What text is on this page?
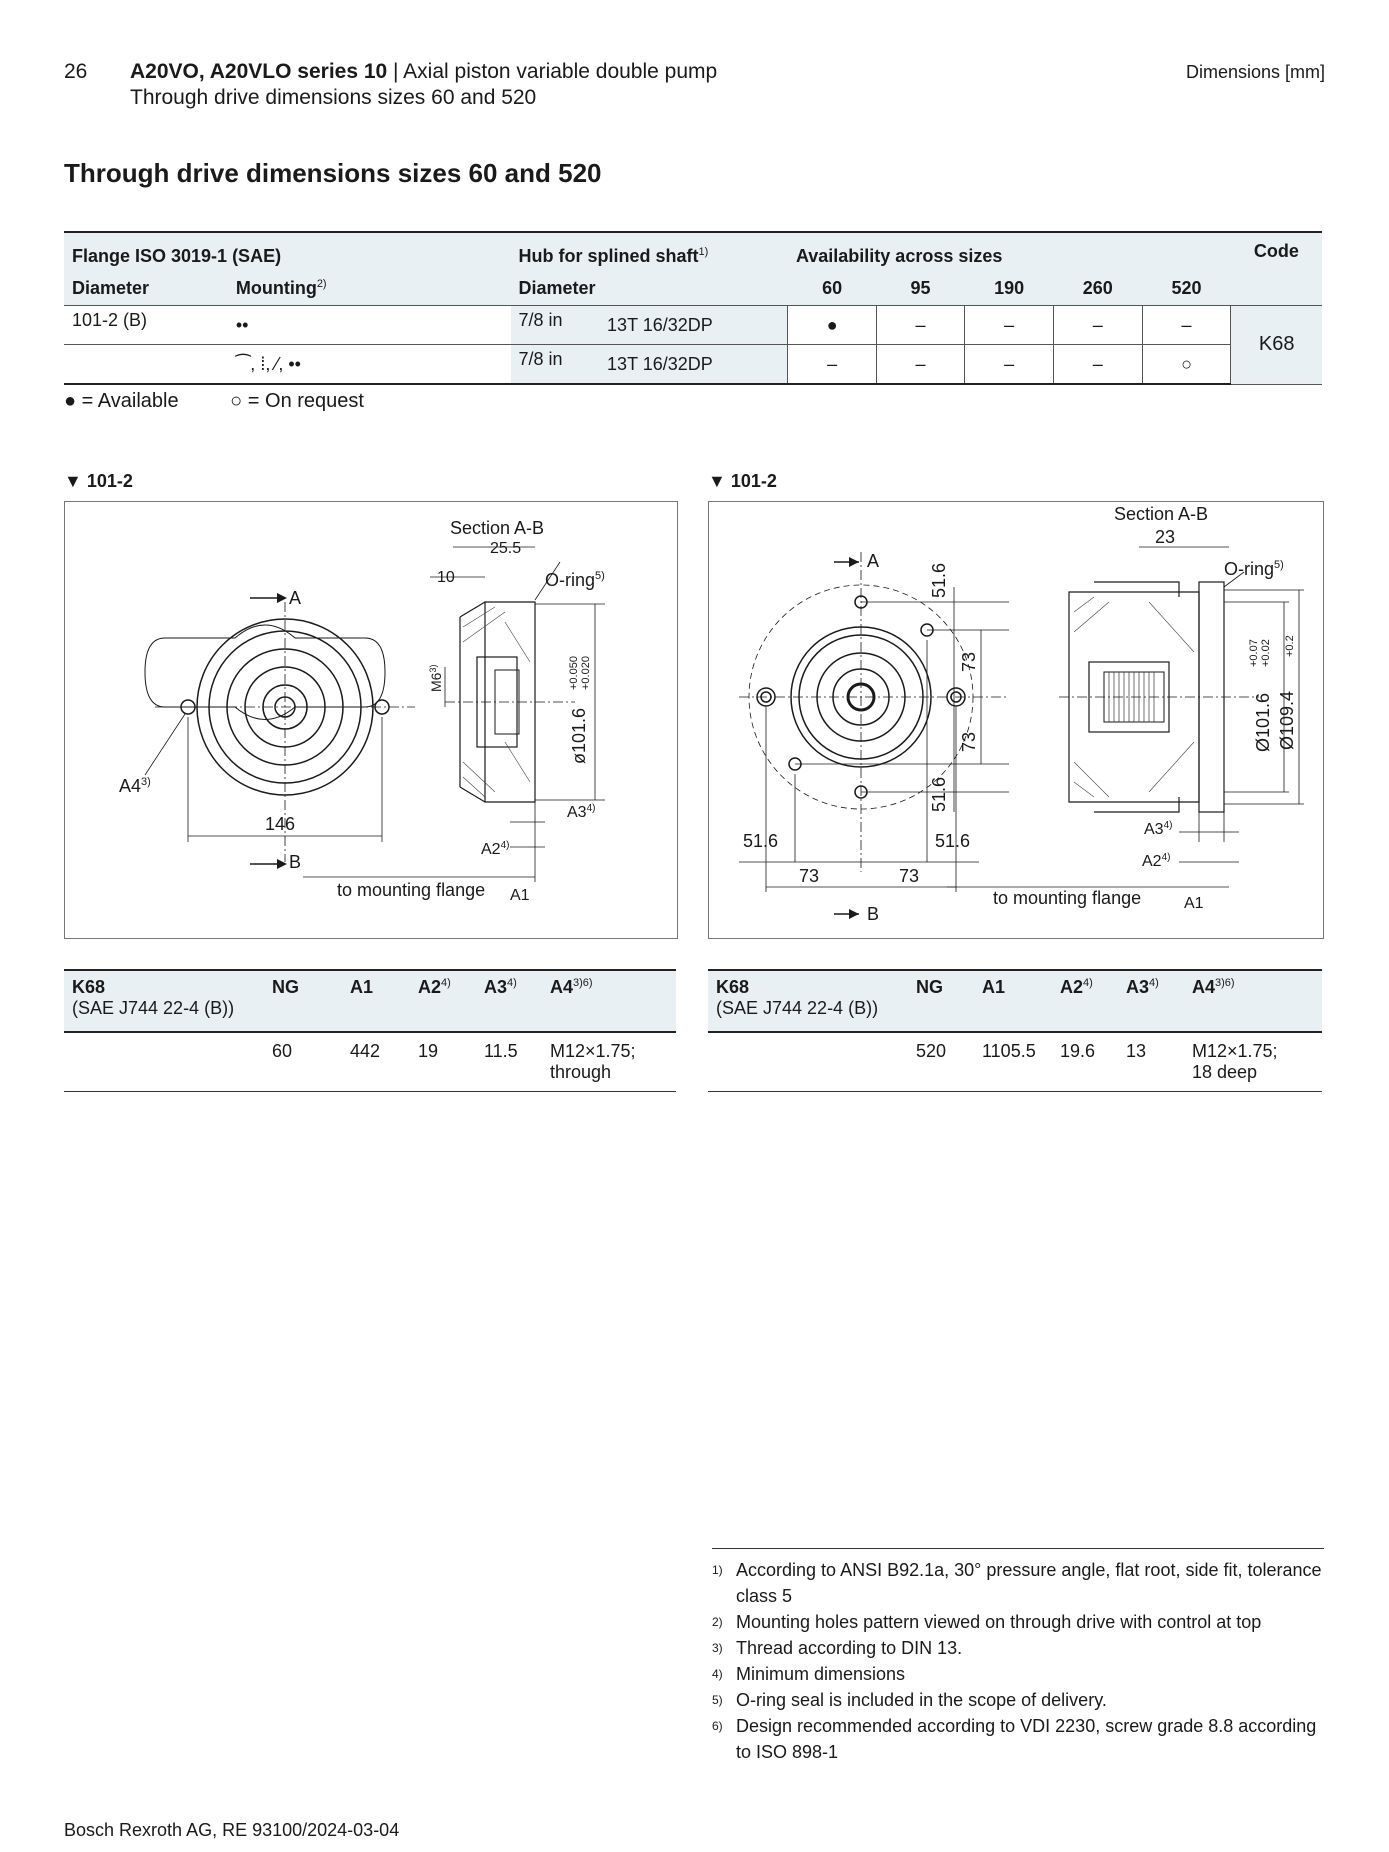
26 A20VO, A20VLO series 10 | Axial piston variable double pump
Through drive dimensions sizes 60 and 520
Dimensions [mm]
Through drive dimensions sizes 60 and 520
Flange ISO 3019-1 (SAE)		Hub for splined shaft$^{1)}$		Availability across sizes					Code
Diameter	Mounting$^{2)}$	Diameter		60	95	190	260	520	
101-2 (B)	••	7/8 in	13T 16/32DP	●	–	–	–	–	K68
	⁀, ⁞, ⁄, ••	7/8 in	13T 16/32DP	–	–	–	–	○	
● = Available	○ = On request
▼ 101-2
A
B
146
A4$^{3)}$
Section A-B
25.5
10	O-ring$^{5)}$
M6$^{3)}$
ø101.6
+0.050 +0.020
A3$^{4)}$
A2$^{4)}$
to mounting flange A1
▼ 101-2
A
B
51.6
73
73
51.6
51.6	51.6
73	73
Section A-B
23
O-ring$^{5)}$
Ø101.6
+0.07 +0.02
Ø109.4
+0.2
A3$^{4)}$
A2$^{4)}$
to mounting flange	A1
K68
(SAE J744 22-4 (B))	NG	A1	A2$^{4)}$	A3$^{4)}$	$A4^{3)6)}$
	60	442	19	11.5	M12×1.75;
through
K68
(SAE J744 22-4 (B))	NG	A1	A2$^{4)}$	A3$^{4)}$	$A4^{3)6)}$
	520	1105.5	19.6	13	M12×1.75;
18 deep
1) According to ANSI B92.1a, 30° pressure angle, flat root, side fit, tolerance class 5
2) Mounting holes pattern viewed on through drive with control at top
3) Thread according to DIN 13.
4) Minimum dimensions
5) O-ring seal is included in the scope of delivery.
6) Design recommended according to VDI 2230, screw grade 8.8 according to ISO 898-1
Bosch Rexroth AG, RE 93100/2024-03-04
